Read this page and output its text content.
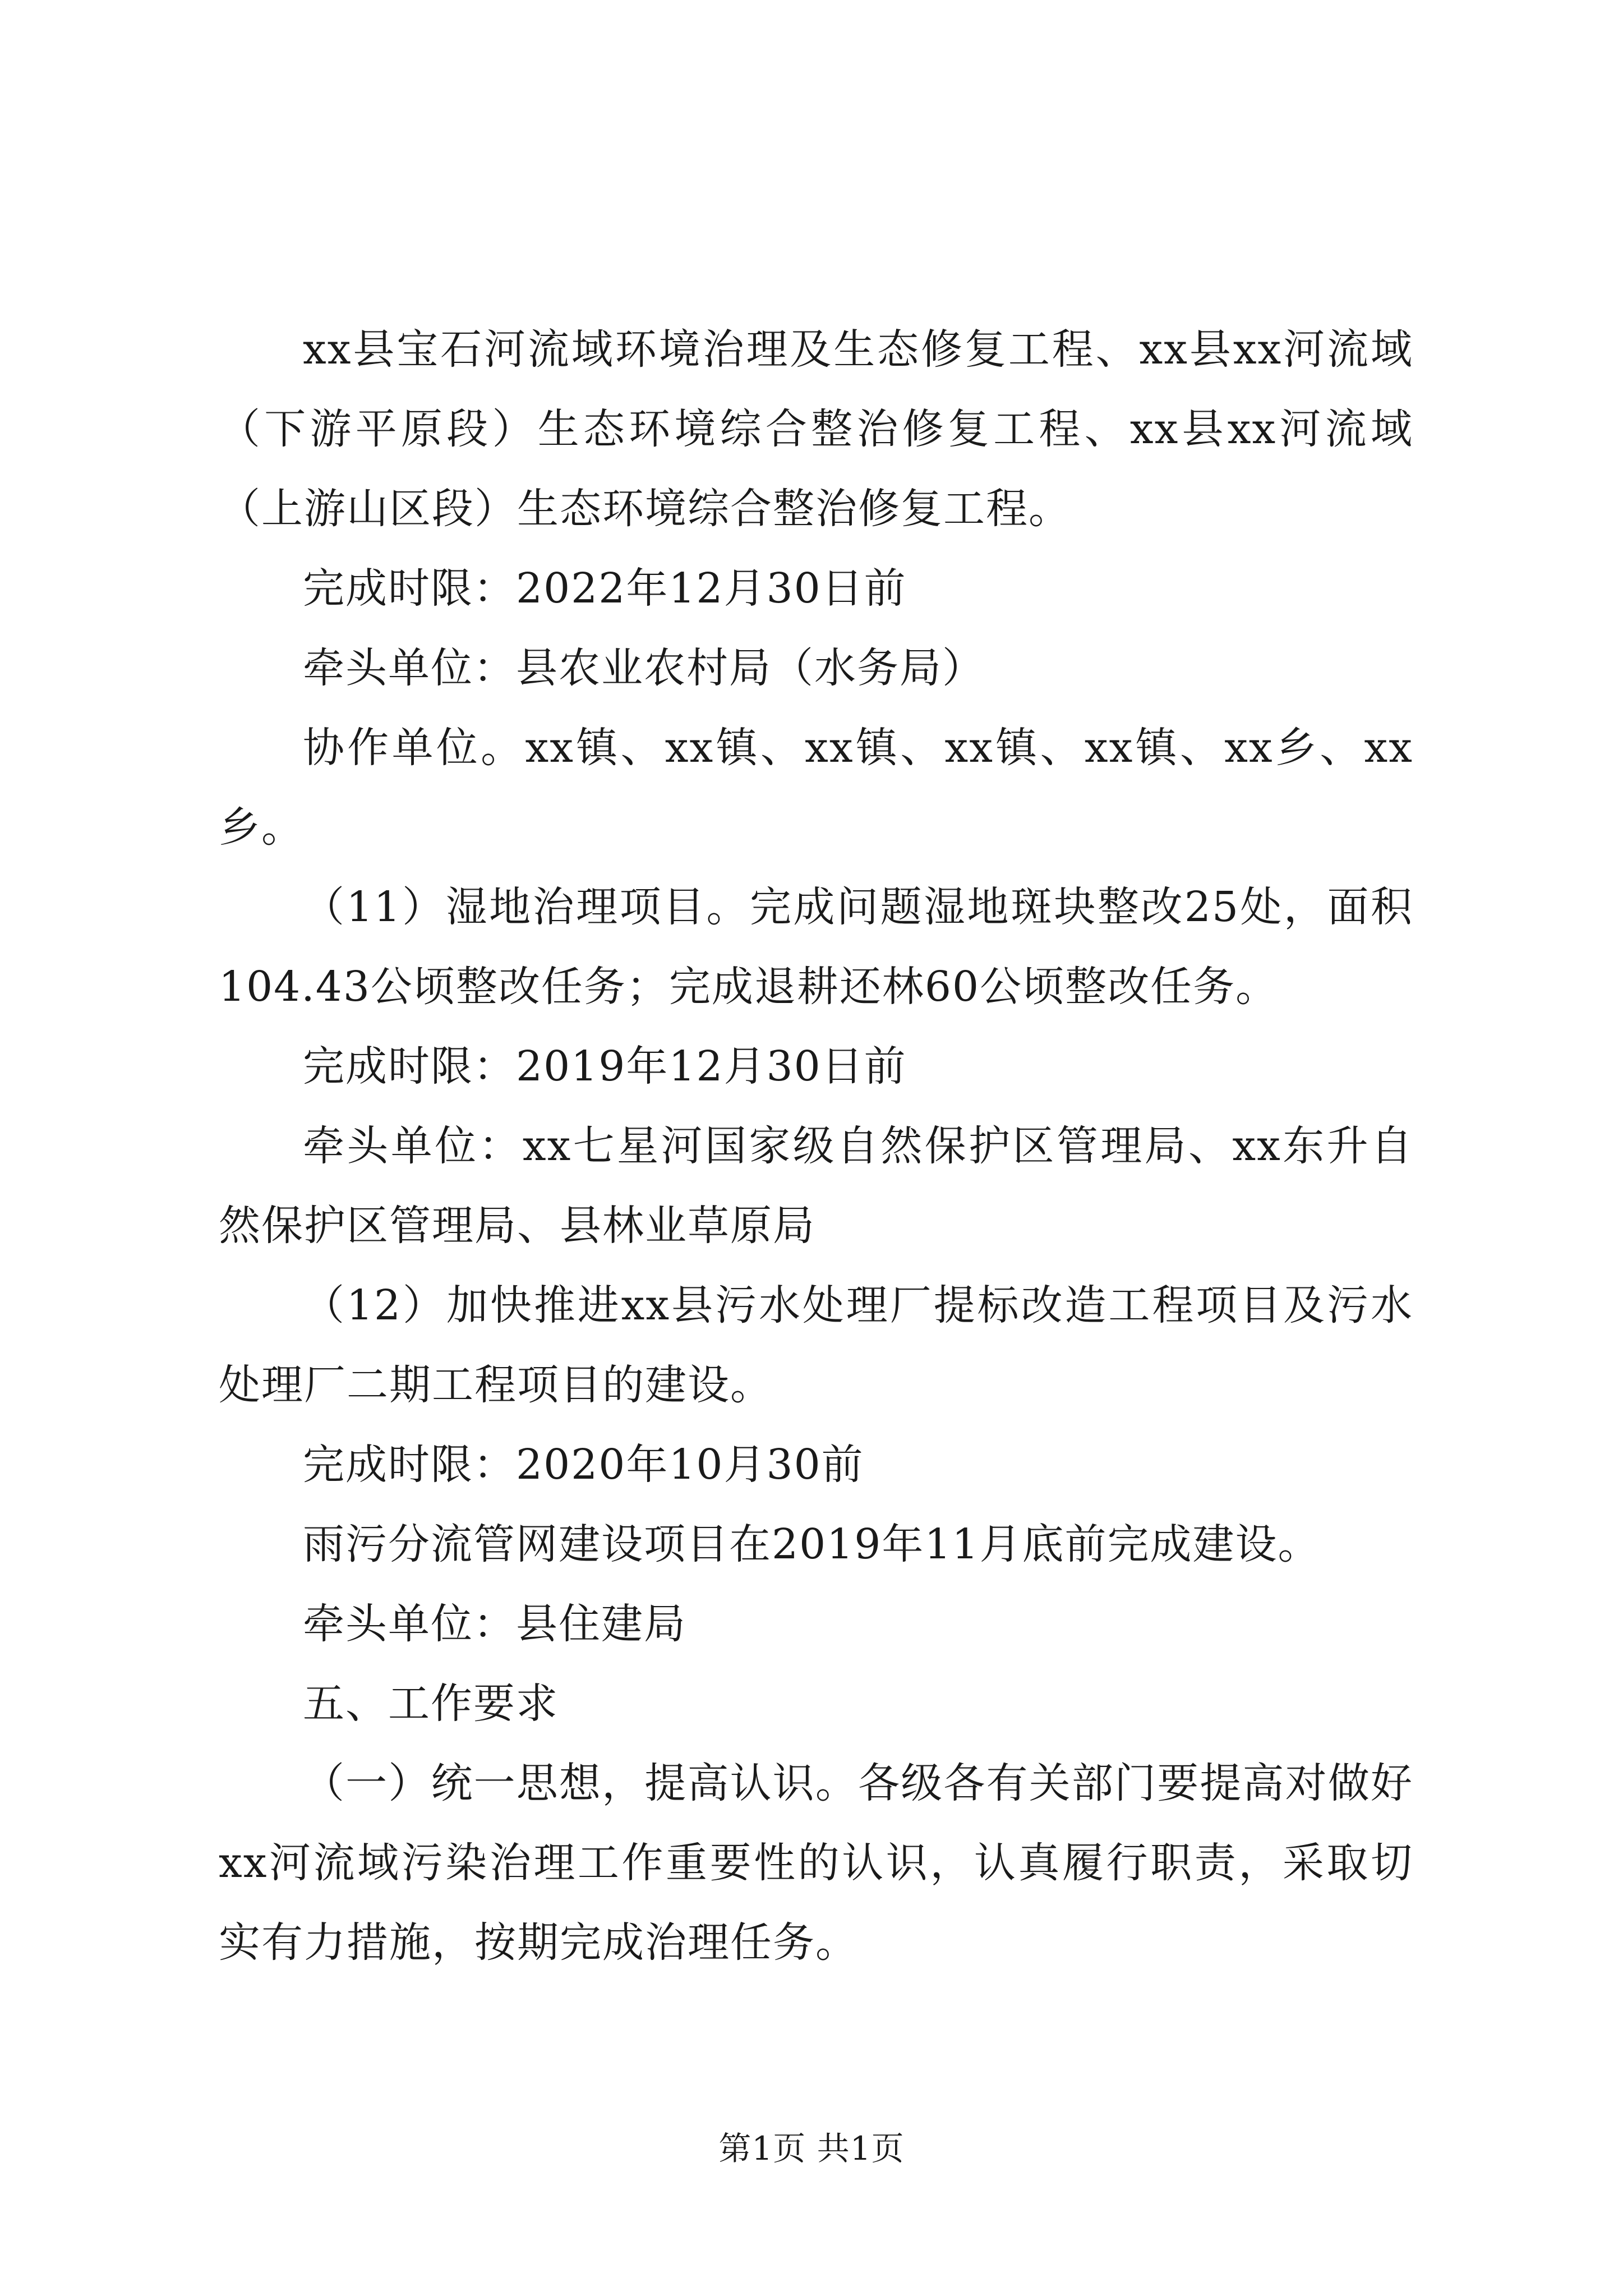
xx县宝石河流域环境治理及生态修复工程、xx县xx河流域
（下游平原段）生态环境综合整治修复工程、xx县xx河流域
（上游山区段）生态环境综合整治修复工程。
完成时限：2022年12月30日前
牵头单位：县农业农村局（水务局）
协作单位。xx镇、xx镇、xx镇、xx镇、xx镇、xx乡、xx
乡。
（11）湿地治理项目。完成问题湿地斑块整改25处，面积
104.43公顷整改任务；完成退耕还林60公顷整改任务。
完成时限：2019年12月30日前
牵头单位：xx七星河国家级自然保护区管理局、xx东升自
然保护区管理局、县林业草原局
（12）加快推进xx县污水处理厂提标改造工程项目及污水
处理厂二期工程项目的建设。
完成时限：2020年10月30前
雨污分流管网建设项目在2019年11月底前完成建设。
牵头单位：县住建局
五、工作要求
（一）统一思想，提高认识。各级各有关部门要提高对做好
xx河流域污染治理工作重要性的认识，认真履行职责，采取切
实有力措施，按期完成治理任务。
第1页 共1页
